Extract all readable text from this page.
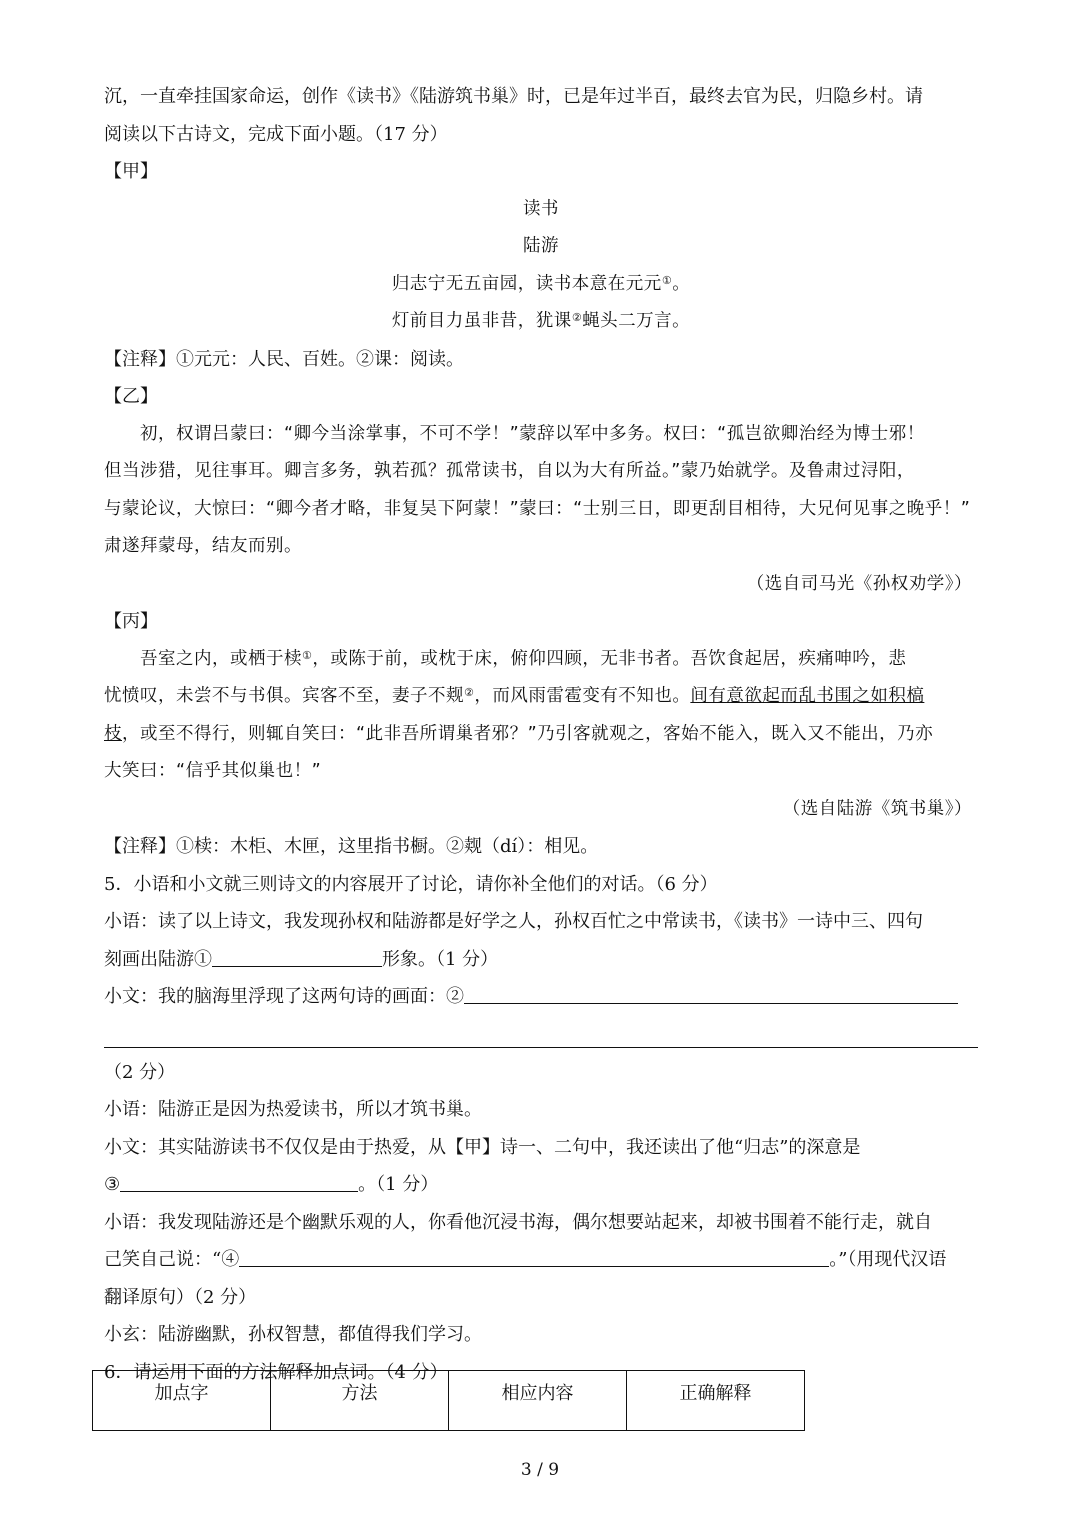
沉，一直牵挂国家命运，创作《读书》《陆游筑书巢》时，已是年过半百，最终去官为民，归隐乡村。请
阅读以下古诗文，完成下面小题。（17 分）
【甲】
读书
陆游
归志宁无五亩园，读书本意在元元①。
灯前目力虽非昔，犹课②蝇头二万言。
【注释】①元元：人民、百姓。②课：阅读。
【乙】
初，权谓吕蒙曰：“卿今当涂掌事，不可不学！”蒙辞以军中多务。权曰：“孤岂欲卿治经为博士邪！
但当涉猎，见往事耳。卿言多务，孰若孤？孤常读书，自以为大有所益。”蒙乃始就学。及鲁肃过浔阳，
与蒙论议，大惊曰：“卿今者才略，非复吴下阿蒙！”蒙曰：“士别三日，即更刮目相待，大兄何见事之晚乎！”
肃遂拜蒙母，结友而别。
（选自司马光《孙权劝学》）
【丙】
吾室之内，或栖于椟①，或陈于前，或枕于床，俯仰四顾，无非书者。吾饮食起居，疾痛呻吟，悲
忧愤叹，未尝不与书俱。宾客不至，妻子不觌②，而风雨雷雹变有不知也。间有意欲起而乱书围之如积槁
枝，或至不得行，则辄自笑曰：“此非吾所谓巢者邪？”乃引客就观之，客始不能入，既入又不能出，乃亦
大笑曰：“信乎其似巢也！”
（选自陆游《筑书巢》）
【注释】①椟：木柜、木匣，这里指书橱。②觌（dí）：相见。
5．小语和小文就三则诗文的内容展开了讨论，请你补全他们的对话。（6 分）
小语：读了以上诗文，我发现孙权和陆游都是好学之人，孙权百忙之中常读书，《读书》一诗中三、四句
刻画出陆游①	形象。（1 分）
小文：我的脑海里浮现了这两句诗的画面：②
（2 分）
小语：陆游正是因为热爱读书，所以才筑书巢。
小文：其实陆游读书不仅仅是由于热爱，从【甲】诗一、二句中，我还读出了他“归志”的深意是
③	。（1 分）
小语：我发现陆游还是个幽默乐观的人，你看他沉浸书海，偶尔想要站起来，却被书围着不能行走，就自
己笑自己说：“④	。”（用现代汉语
翻译原句）（2 分）
小玄：陆游幽默，孙权智慧，都值得我们学习。
6．请运用下面的方法解释加点词。（4 分）
加点字	方法	相应内容	正确解释
3 / 9
